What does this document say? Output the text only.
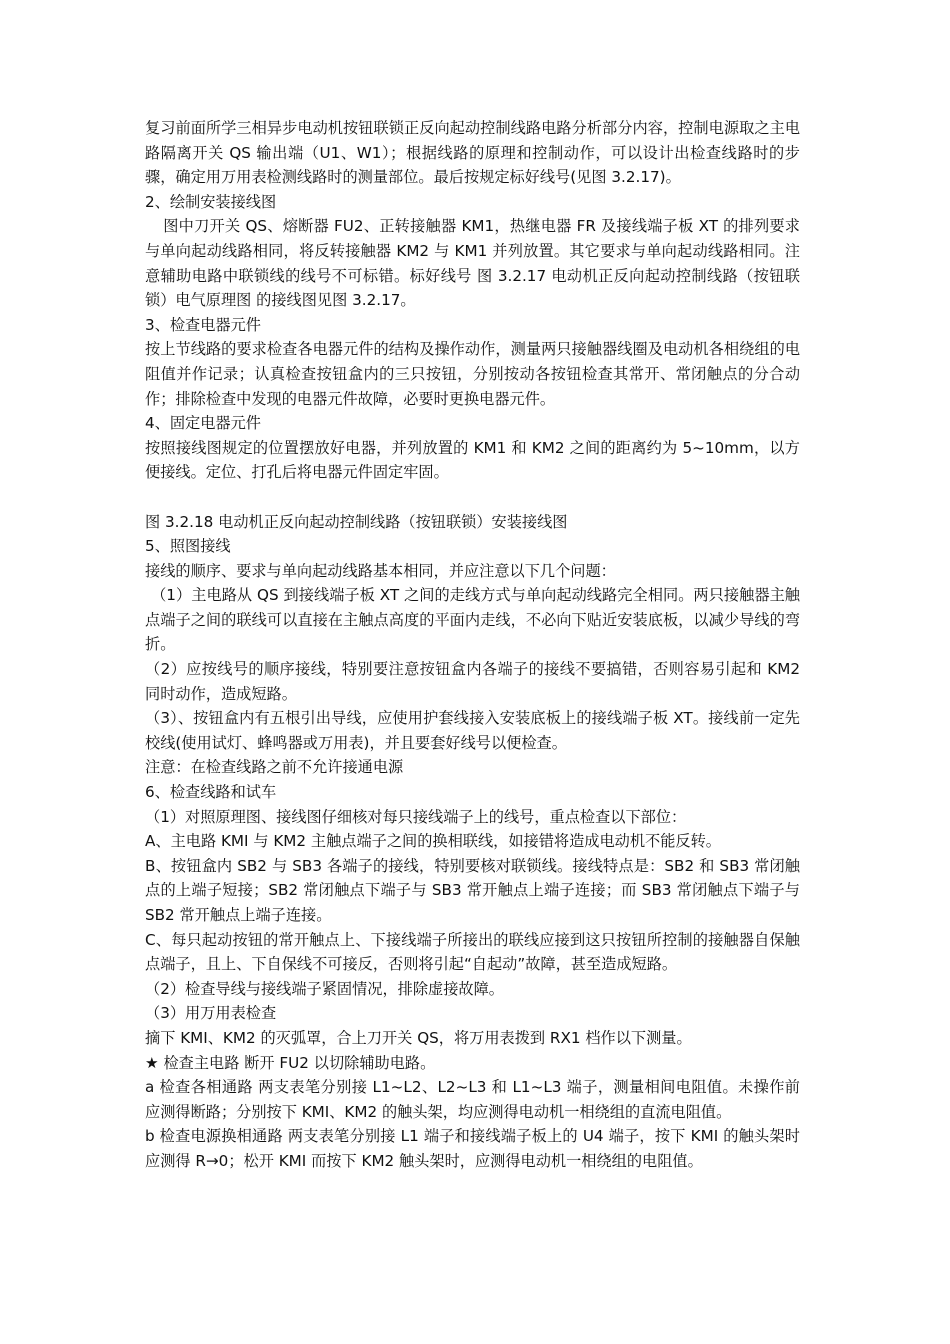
复习前面所学三相异步电动机按钮联锁正反向起动控制线路电路分析部分内容，控制电源取之主电路隔离开关 QS 输出端（U1、W1）；根据线路的原理和控制动作，可以设计出检查线路时的步骤，确定用万用表检测线路时的测量部位。最后按规定标好线号(见图 3.2.17)。

2、绘制安装接线图

图中刀开关 QS、熔断器 FU2、正转接触器 KM1，热继电器 FR 及接线端子板 XT 的排列要求与单向起动线路相同，将反转接触器 KM2 与 KM1 并列放置。其它要求与单向起动线路相同。注意辅助电路中联锁线的线号不可标错。标好线号 图 3.2.17 电动机正反向起动控制线路（按钮联锁）电气原理图 的接线图见图 3.2.17。

3、检查电器元件

按上节线路的要求检查各电器元件的结构及操作动作，测量两只接触器线圈及电动机各相绕组的电阻值并作记录；认真检查按钮盒内的三只按钮，分别按动各按钮检查其常开、常闭触点的分合动作；排除检查中发现的电器元件故障，必要时更换电器元件。

4、固定电器元件

按照接线图规定的位置摆放好电器，并列放置的 KM1 和 KM2 之间的距离约为 5~10mm，以方便接线。定位、打孔后将电器元件固定牢固。

图 3.2.18 电动机正反向起动控制线路（按钮联锁）安装接线图

5、照图接线

接线的顺序、要求与单向起动线路基本相同，并应注意以下几个问题：

（1）主电路从 QS 到接线端子板 XT 之间的走线方式与单向起动线路完全相同。两只接触器主触点端子之间的联线可以直接在主触点高度的平面内走线，不必向下贴近安装底板，以减少导线的弯折。

（2）应按线号的顺序接线，特别要注意按钮盒内各端子的接线不要搞错，否则容易引起和 KM2 同时动作，造成短路。

（3）、按钮盒内有五根引出导线，应使用护套线接入安装底板上的接线端子板 XT。接线前一定先校线(使用试灯、蜂鸣器或万用表)，并且要套好线号以便检查。

注意：在检查线路之前不允许接通电源

6、检查线路和试车

（1）对照原理图、接线图仔细核对每只接线端子上的线号，重点检查以下部位：

A、主电路 KMI 与 KM2 主触点端子之间的换相联线，如接错将造成电动机不能反转。

B、按钮盒内 SB2 与 SB3 各端子的接线，特别要核对联锁线。接线特点是：SB2 和 SB3 常闭触点的上端子短接；SB2 常闭触点下端子与 SB3 常开触点上端子连接；而 SB3 常闭触点下端子与 SB2 常开触点上端子连接。

C、每只起动按钮的常开触点上、下接线端子所接出的联线应接到这只按钮所控制的接触器自保触点端子，且上、下自保线不可接反，否则将引起“自起动”故障，甚至造成短路。

（2）检查导线与接线端子紧固情况，排除虚接故障。

（3）用万用表检查

摘下 KMI、KM2 的灭弧罩，合上刀开关 QS，将万用表拨到 RX1 档作以下测量。

★ 检查主电路 断开 FU2 以切除辅助电路。

a 检查各相通路 两支表笔分别接 L1~L2、L2~L3 和 L1~L3 端子，测量相间电阻值。未操作前应测得断路；分别按下 KMI、KM2 的触头架，均应测得电动机一相绕组的直流电阻值。

b 检查电源换相通路 两支表笔分别接 L1 端子和接线端子板上的 U4 端子，按下 KMI 的触头架时应测得 R→0；松开 KMI 而按下 KM2 触头架时，应测得电动机一相绕组的电阻值。
